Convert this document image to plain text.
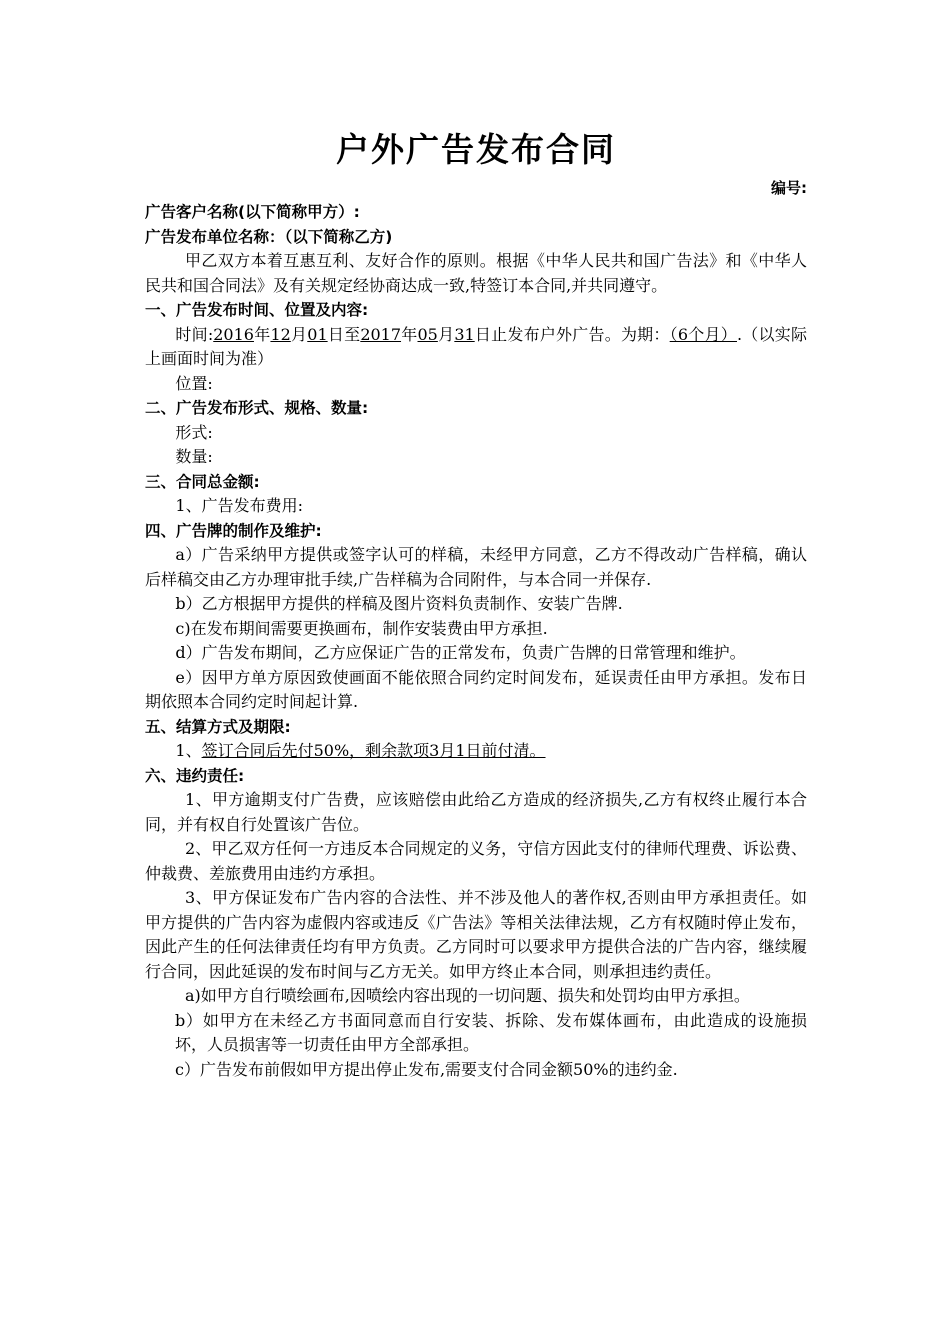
户外广告发布合同
编号:

广告客户名称(以下简称甲方）:

广告发布单位名称：（以下简称乙方)

甲乙双方本着互惠互利、友好合作的原则。根据《中华人民共和国广告法》和《中华人民共和国合同法》及有关规定经协商达成一致,特签订本合同,并共同遵守。

一、广告发布时间、位置及内容:

时间:2016年12月01日至2017年05月31日止发布户外广告。为期：（6个月）.（以实际上画面时间为准）

位置:

二、广告发布形式、规格、数量:

形式:

数量:

三、合同总金额:

1、广告发布费用:

四、广告牌的制作及维护:

a）广告采纳甲方提供或签字认可的样稿，未经甲方同意，乙方不得改动广告样稿，确认后样稿交由乙方办理审批手续,广告样稿为合同附件，与本合同一并保存.

b）乙方根据甲方提供的样稿及图片资料负责制作、安装广告牌.

c)在发布期间需要更换画布，制作安装费由甲方承担.

d）广告发布期间，乙方应保证广告的正常发布，负责广告牌的日常管理和维护。

e）因甲方单方原因致使画面不能依照合同约定时间发布，延误责任由甲方承担。发布日期依照本合同约定时间起计算.

五、结算方式及期限:

1、签订合同后先付50%，剩余款项3月1日前付清。

六、违约责任:

1、甲方逾期支付广告费，应该赔偿由此给乙方造成的经济损失,乙方有权终止履行本合同，并有权自行处置该广告位。

2、甲乙双方任何一方违反本合同规定的义务，守信方因此支付的律师代理费、诉讼费、仲裁费、差旅费用由违约方承担。

3、甲方保证发布广告内容的合法性、并不涉及他人的著作权,否则由甲方承担责任。如甲方提供的广告内容为虚假内容或违反《广告法》等相关法律法规，乙方有权随时停止发布，因此产生的任何法律责任均有甲方负责。乙方同时可以要求甲方提供合法的广告内容，继续履行合同，因此延误的发布时间与乙方无关。如甲方终止本合同，则承担违约责任。

a)如甲方自行喷绘画布,因喷绘内容出现的一切问题、损失和处罚均由甲方承担。

b）如甲方在未经乙方书面同意而自行安装、拆除、发布媒体画布，由此造成的设施损坏，人员损害等一切责任由甲方全部承担。

c）广告发布前假如甲方提出停止发布,需要支付合同金额50%的违约金.
